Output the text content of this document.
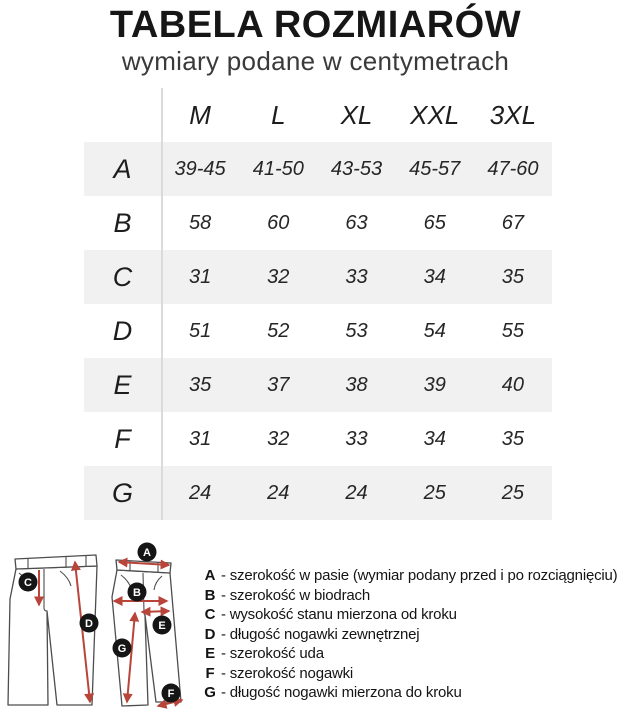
TABELA ROZMIARÓW
wymiary podane w centymetrach
M	L	XL	XXL	3XL
A	39-45	41-50	43-53	45-57	47-60
B	58	60	63	65	67
C	31	32	33	34	35
D	51	52	53	54	55
E	35	37	38	39	40
F	31	32	33	34	35
G	24	24	24	25	25
A
B
C
D	E
F
G
A - szerokość w pasie (wymiar podany przed i po rozciągnięciu)
B - szerokość w biodrach
C - wysokość stanu mierzona od kroku
D - długość nogawki zewnętrznej
E - szerokość uda
F - szerokość nogawki
G - długość nogawki mierzona do kroku
